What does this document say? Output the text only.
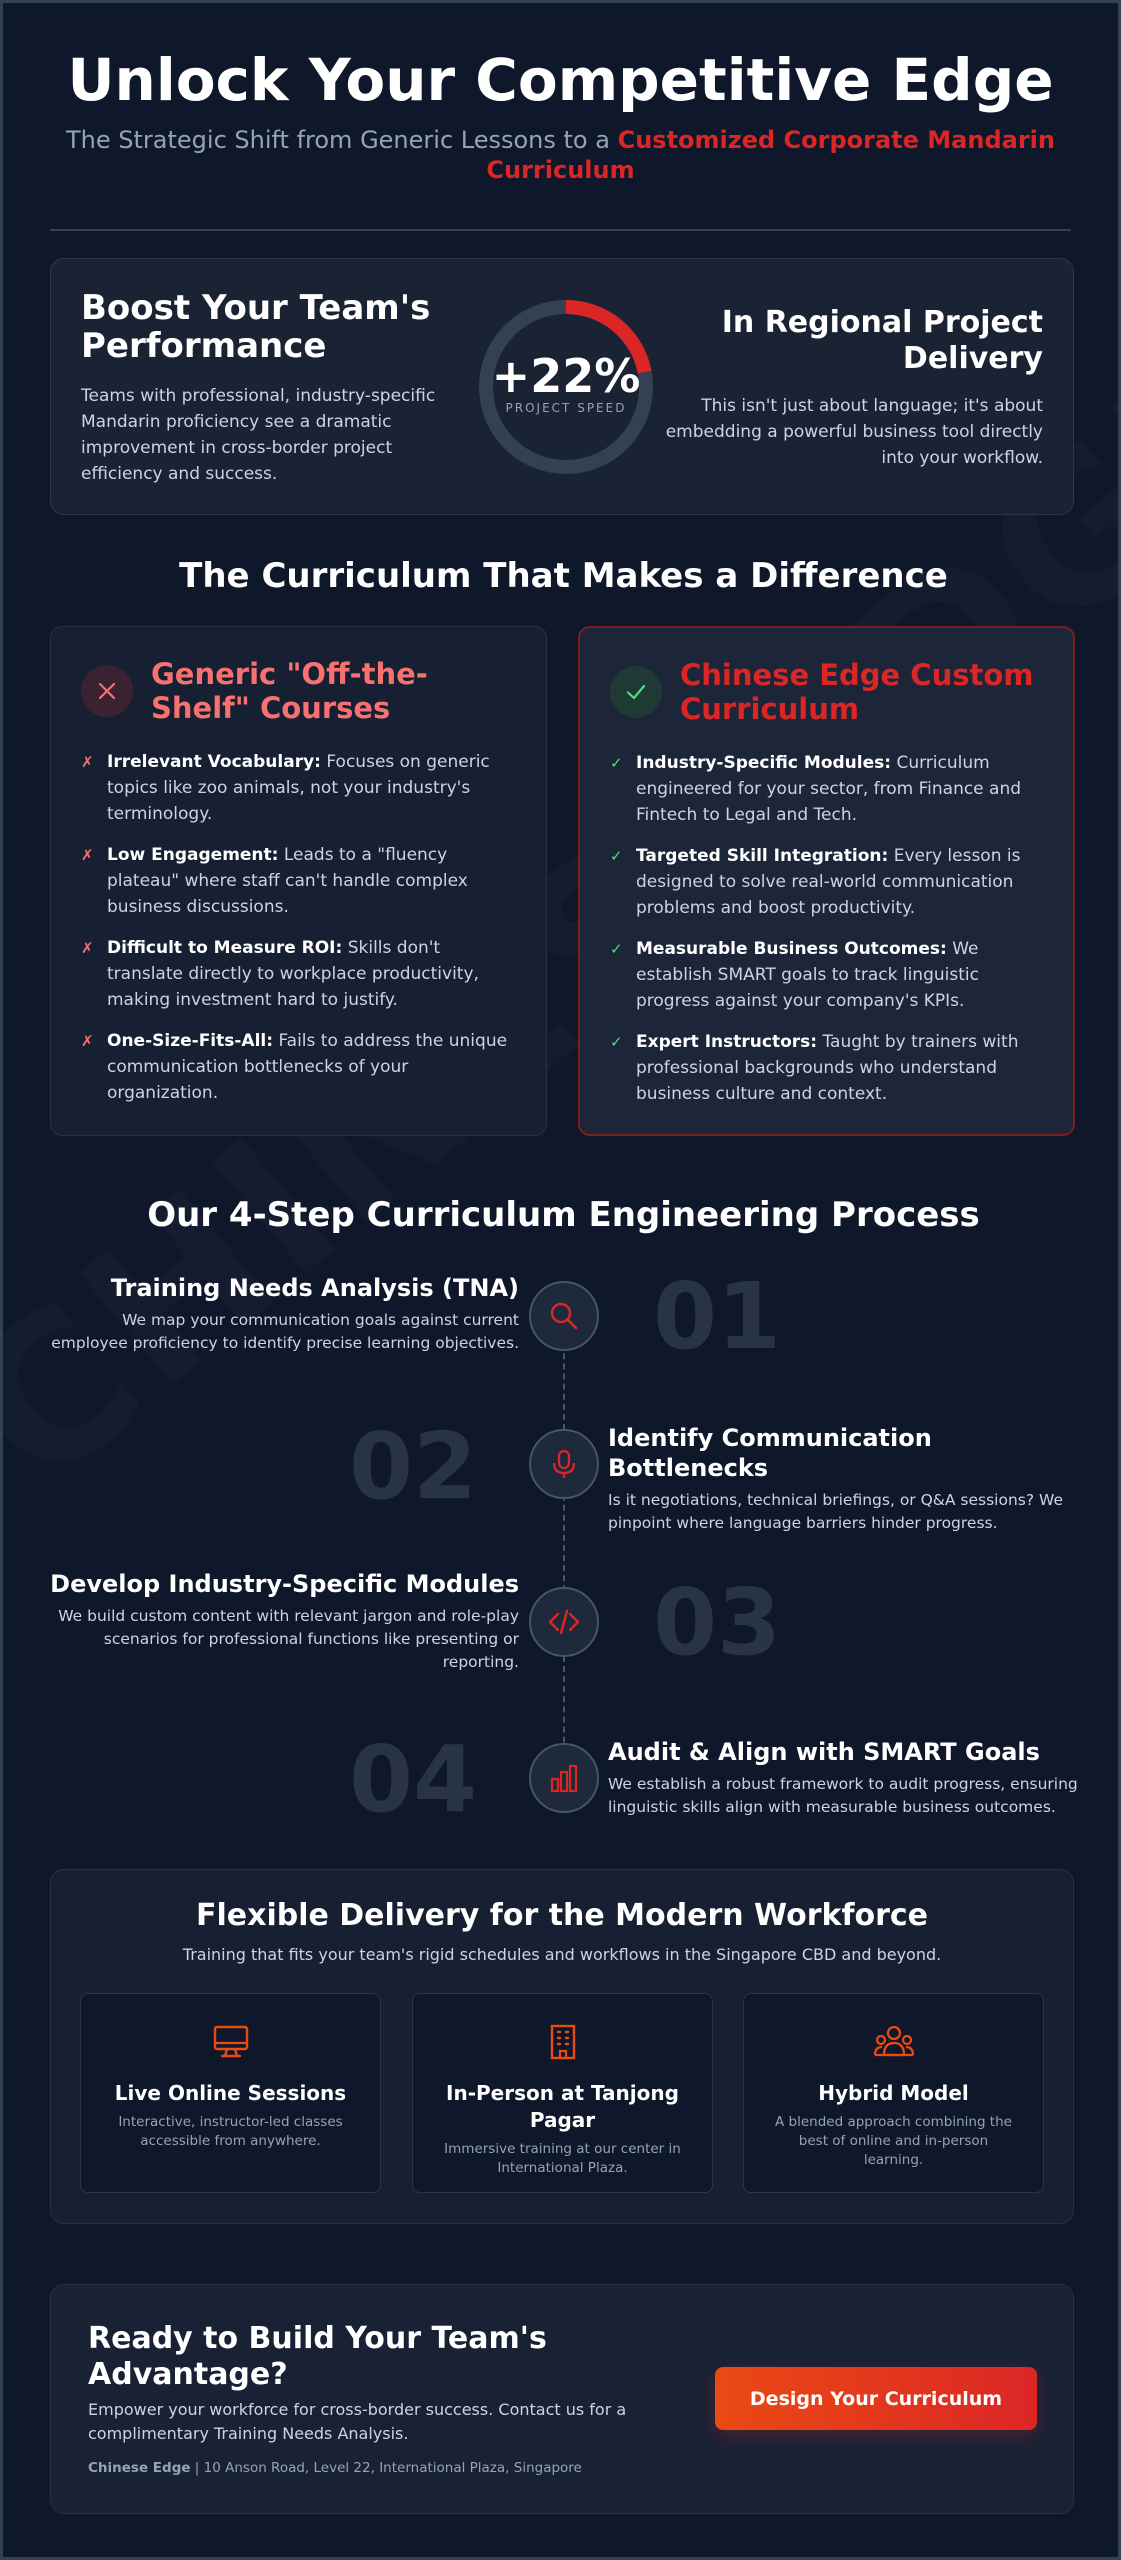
Unlock Your Competitive Edge
The Strategic Shift from Generic Lessons to a Customized Corporate Mandarin Curriculum
Boost Your Team's Performance

Teams with professional, industry-specific Mandarin proficiency see a dramatic improvement in cross-border project efficiency and success.

+22%
PROJECT SPEED
In Regional Project Delivery

This isn't just about language; it's about embedding a powerful business tool directly into your workflow.

The Curriculum That Makes a Difference
Generic "Off-the-Shelf" Courses
✗ Irrelevant Vocabulary: Focuses on generic topics like zoo animals, not your industry's terminology.
✗ Low Engagement: Leads to a "fluency plateau" where staff can't handle complex business discussions.
✗ Difficult to Measure ROI: Skills don't translate directly to workplace productivity, making investment hard to justify.
✗ One-Size-Fits-All: Fails to address the unique communication bottlenecks of your organization.
Chinese Edge Custom Curriculum
✓ Industry-Specific Modules: Curriculum engineered for your sector, from Finance and Fintech to Legal and Tech.
✓ Targeted Skill Integration: Every lesson is designed to solve real-world communication problems and boost productivity.
✓ Measurable Business Outcomes: We establish SMART goals to track linguistic progress against your company's KPIs.
✓ Expert Instructors: Taught by trainers with professional backgrounds who understand business culture and context.
Our 4-Step Curriculum Engineering Process
Training Needs Analysis (TNA)

We map your communication goals against current employee proficiency to identify precise learning objectives. 01
02	Identify Communication Bottlenecks

Is it negotiations, technical briefings, or Q&A sessions? We pinpoint where language barriers hinder progress.

Develop Industry-Specific Modules

We build custom content with relevant jargon and role-play scenarios for professional functions like presenting or reporting. 03
04	Audit & Align with SMART Goals

We establish a robust framework to audit progress, ensuring linguistic skills align with measurable business outcomes.

Flexible Delivery for the Modern Workforce
Training that fits your team's rigid schedules and workflows in the Singapore CBD and beyond.
Live Online Sessions

Interactive, instructor-led classes accessible from anywhere.

In-Person at Tanjong Pagar

Immersive training at our center in International Plaza.

Hybrid Model

A blended approach combining the best of online and in-person learning.

Ready to Build Your Team's Advantage?
Empower your workforce for cross-border success. Contact us for a complimentary Training Needs Analysis.
Chinese Edge | 10 Anson Road, Level 22, International Plaza, Singapore
Design Your Curriculum
